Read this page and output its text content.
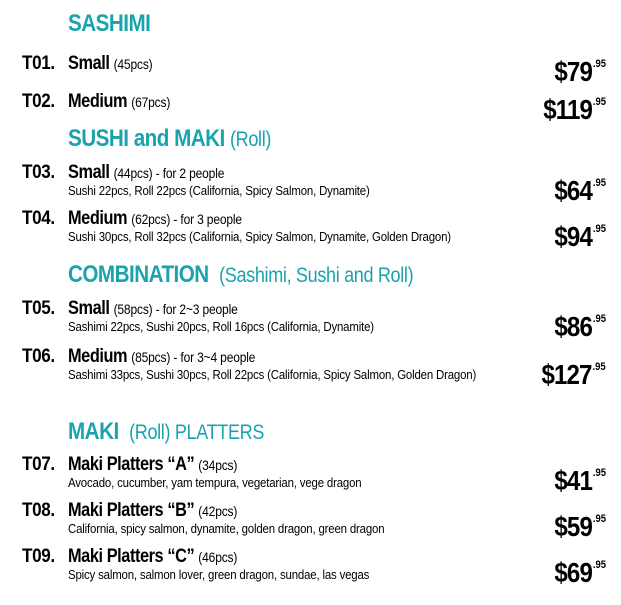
SASHIMI
T01. Small (45pcs)	$\$79^{.95}$
T02. Medium (67pcs)	$\$119^{.95}$
SUSHI and MAKI (Roll)
T03. Small (44pcs) - for 2 people
Sushi 22pcs, Roll 22pcs (California, Spicy Salmon, Dynamite)	$\$64^{.95}$
T04. Medium (62pcs) - for 3 people
Sushi 30pcs, Roll 32pcs (California, Spicy Salmon, Dynamite, Golden Dragon)	$\$94^{.95}$
COMBINATION (Sashimi, Sushi and Roll)
T05. Small (58pcs) - for 2~3 people
Sashimi 22pcs, Sushi 20pcs, Roll 16pcs (California, Dynamite)	$\$86^{.95}$
T06. Medium (85pcs) - for 3~4 people
Sashimi 33pcs, Sushi 30pcs, Roll 22pcs (California, Spicy Salmon, Golden Dragon) $\$127^{.95}$
MAKI (Roll) PLATTERS
T07. Maki Platters “A” (34pcs)
Avocado, cucumber, yam tempura, vegetarian, vege dragon	$\$41^{.95}$
T08. Maki Platters “B” (42pcs)
California, spicy salmon, dynamite, golden dragon, green dragon	$\$59^{.95}$
T09. Maki Platters “C” (46pcs)
Spicy salmon, salmon lover, green dragon, sundae, las vegas	$\$69^{.95}$
